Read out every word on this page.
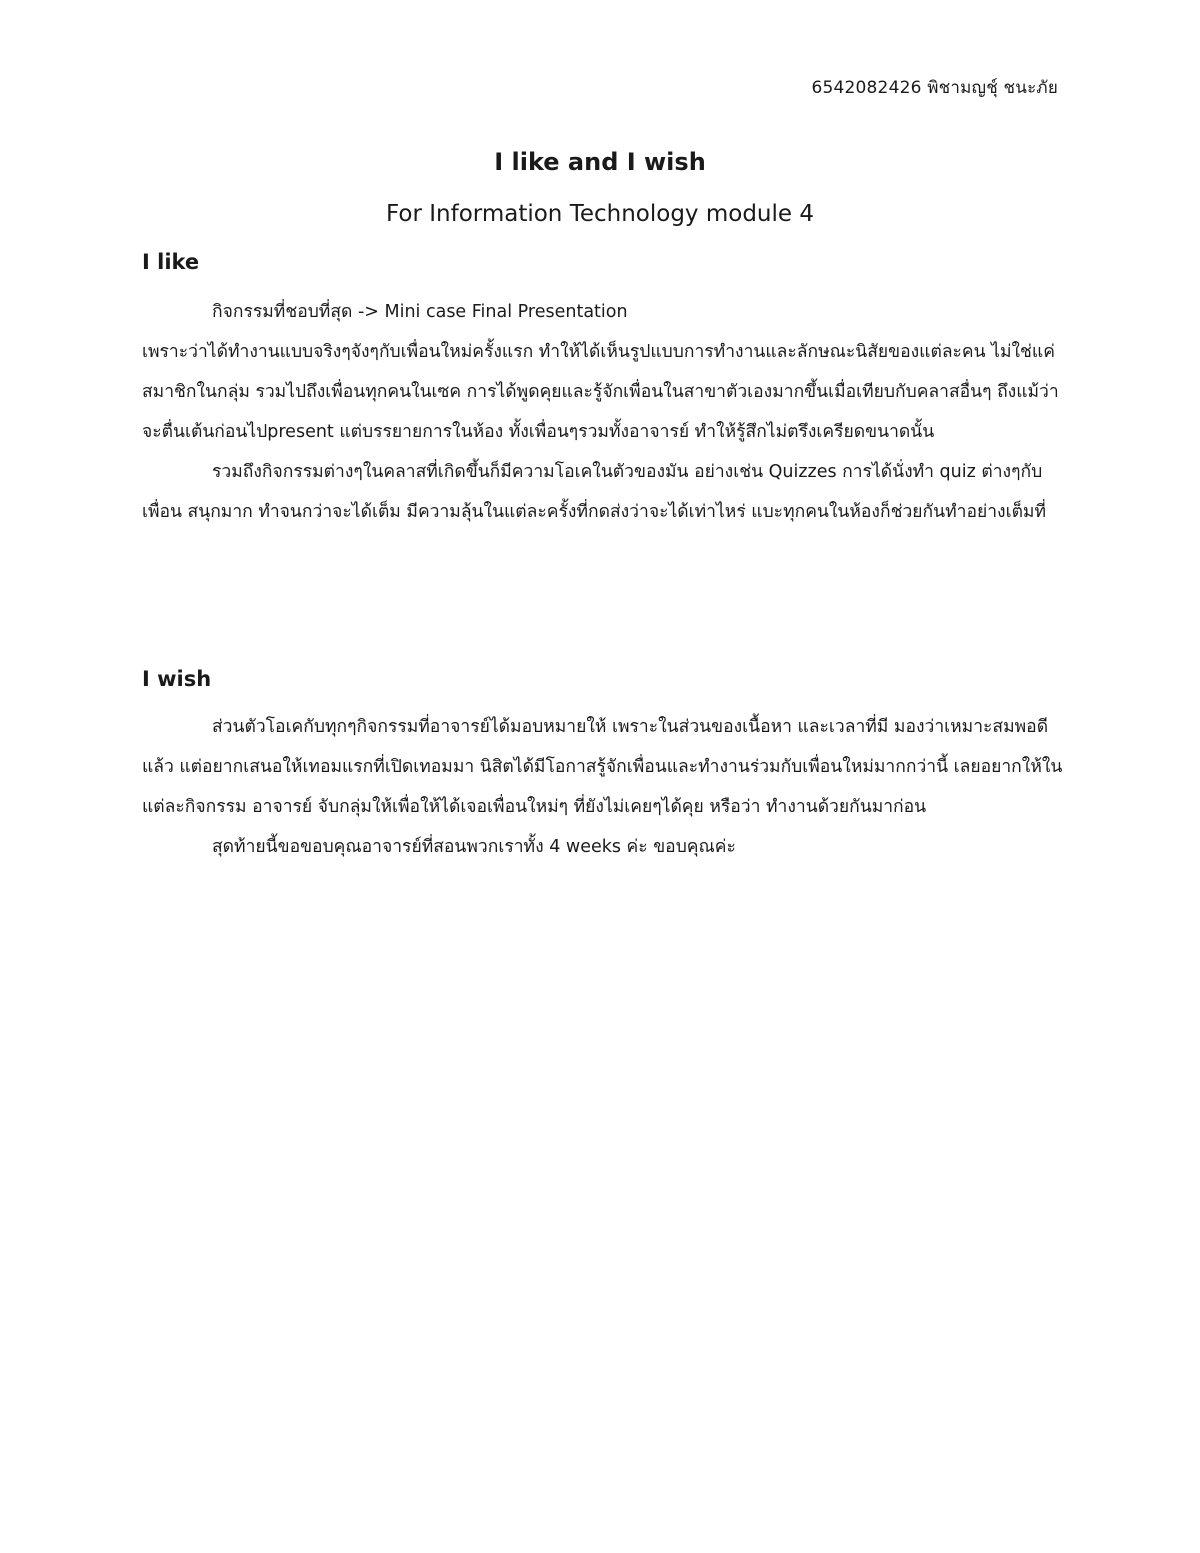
6542082426 พิชามญชุ์ ชนะภัย
I like and I wish
For Information Technology module 4
I like

กิจกรรมที่ชอบที่สุด -> Mini case Final Presentation

เพราะว่าได้ทำงานแบบจริงๆจังๆกับเพื่อนใหม่ครั้งแรก ทำให้ได้เห็นรูปแบบการทำงานและลักษณะนิสัยของแต่ละคน ไม่ใช่แค่สมาชิกในกลุ่ม รวมไปถึงเพื่อนทุกคนในเซค การได้พูดคุยและรู้จักเพื่อนในสาขาตัวเองมากขึ้นเมื่อเทียบกับคลาสอื่นๆ ถึงแม้ว่าจะตื่นเต้นก่อนไปpresent แต่บรรยายการในห้อง ทั้งเพื่อนๆรวมทั้งอาจารย์ ทำให้รู้สึกไม่ตรึงเครียดขนาดนั้น

รวมถึงกิจกรรมต่างๆในคลาสที่เกิดขึ้นก็มีความโอเคในตัวของมัน อย่างเช่น Quizzes การได้นั่งทำ quiz ต่างๆกับเพื่อน สนุกมาก ทำจนกว่าจะได้เต็ม มีความลุ้นในแต่ละครั้งที่กดส่งว่าจะได้เท่าไหร่ แบะทุกคนในห้องก็ช่วยกันทำอย่างเต็มที่

I wish

ส่วนตัวโอเคกับทุกๆกิจกรรมที่อาจารย์ได้มอบหมายให้ เพราะในส่วนของเนื้อหา และเวลาที่มี มองว่าเหมาะสมพอดีแล้ว แต่อยากเสนอให้เทอมแรกที่เปิดเทอมมา นิสิตได้มีโอกาสรู้จักเพื่อนและทำงานร่วมกับเพื่อนใหม่มากกว่านี้ เลยอยากให้ในแต่ละกิจกรรม อาจารย์ จับกลุ่มให้เพื่อให้ได้เจอเพื่อนใหม่ๆ ที่ยังไม่เคยๆได้คุย หรือว่า ทำงานด้วยกันมาก่อน

สุดท้ายนี้ขอขอบคุณอาจารย์ที่สอนพวกเราทั้ง 4 weeks ค่ะ ขอบคุณค่ะ
